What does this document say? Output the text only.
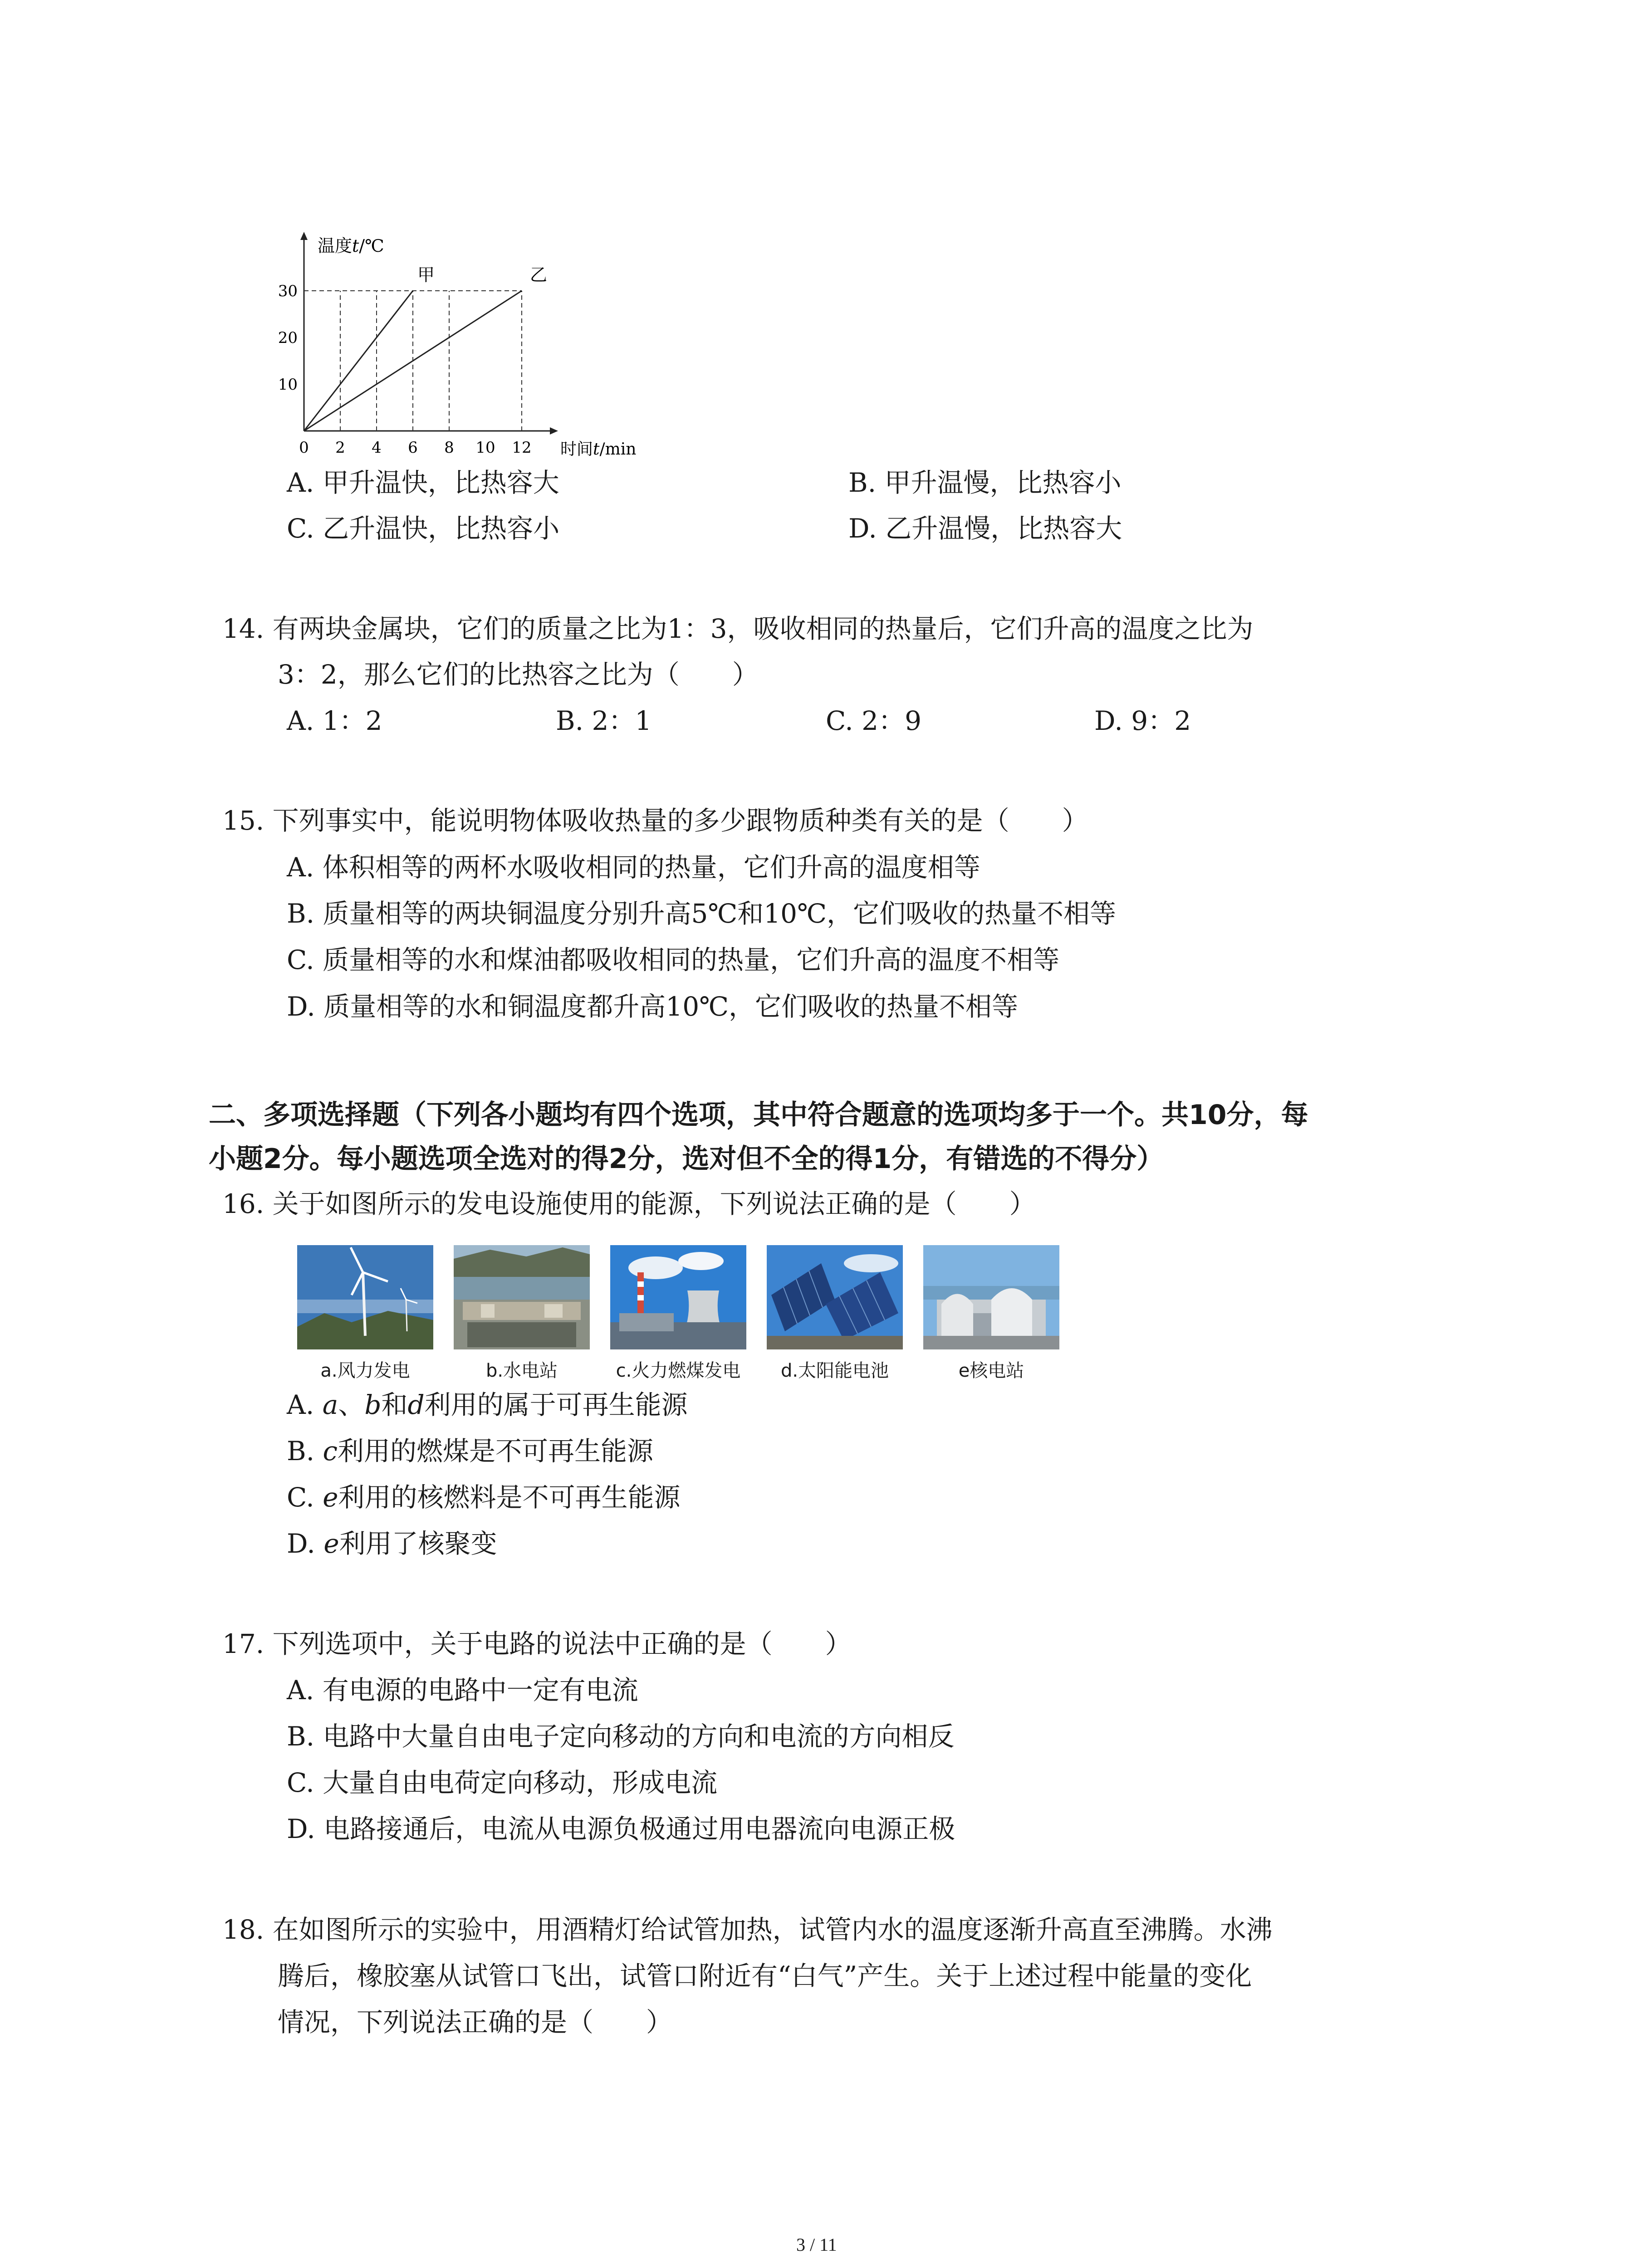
0 2 4 6 8 10 12
10
20
30
甲	乙
温度t/℃
时间t/min
A. 甲升温快，比热容大	B. 甲升温慢，比热容小
C. 乙升温快，比热容小	D. 乙升温慢，比热容大
14. 有两块金属块，它们的质量之比为1：3，吸收相同的热量后，它们升高的温度之比为
3：2，那么它们的比热容之比为（　　）
A. 1：2	B. 2：1	C. 2：9	D. 9：2
15. 下列事实中，能说明物体吸收热量的多少跟物质种类有关的是（　　）
A. 体积相等的两杯水吸收相同的热量，它们升高的温度相等
B. 质量相等的两块铜温度分别升高5℃和10℃，它们吸收的热量不相等
C. 质量相等的水和煤油都吸收相同的热量，它们升高的温度不相等
D. 质量相等的水和铜温度都升高10℃，它们吸收的热量不相等
二、多项选择题（下列各小题均有四个选项，其中符合题意的选项均多于一个。共10分，每
小题2分。每小题选项全选对的得2分，选对但不全的得1分，有错选的不得分）
16. 关于如图所示的发电设施使用的能源，下列说法正确的是（　　）
a.风力发电	b.水电站	c.火力燃煤发电	d.太阳能电池	e核电站
A. a、b和d利用的属于可再生能源
B. c利用的燃煤是不可再生能源
C. e利用的核燃料是不可再生能源
D. e利用了核聚变
17. 下列选项中，关于电路的说法中正确的是（　　）
A. 有电源的电路中一定有电流
B. 电路中大量自由电子定向移动的方向和电流的方向相反
C. 大量自由电荷定向移动，形成电流
D. 电路接通后，电流从电源负极通过用电器流向电源正极
18. 在如图所示的实验中，用酒精灯给试管加热，试管内水的温度逐渐升高直至沸腾。水沸
腾后，橡胶塞从试管口飞出，试管口附近有“白气”产生。关于上述过程中能量的变化
情况，下列说法正确的是（　　）
3 / 11
